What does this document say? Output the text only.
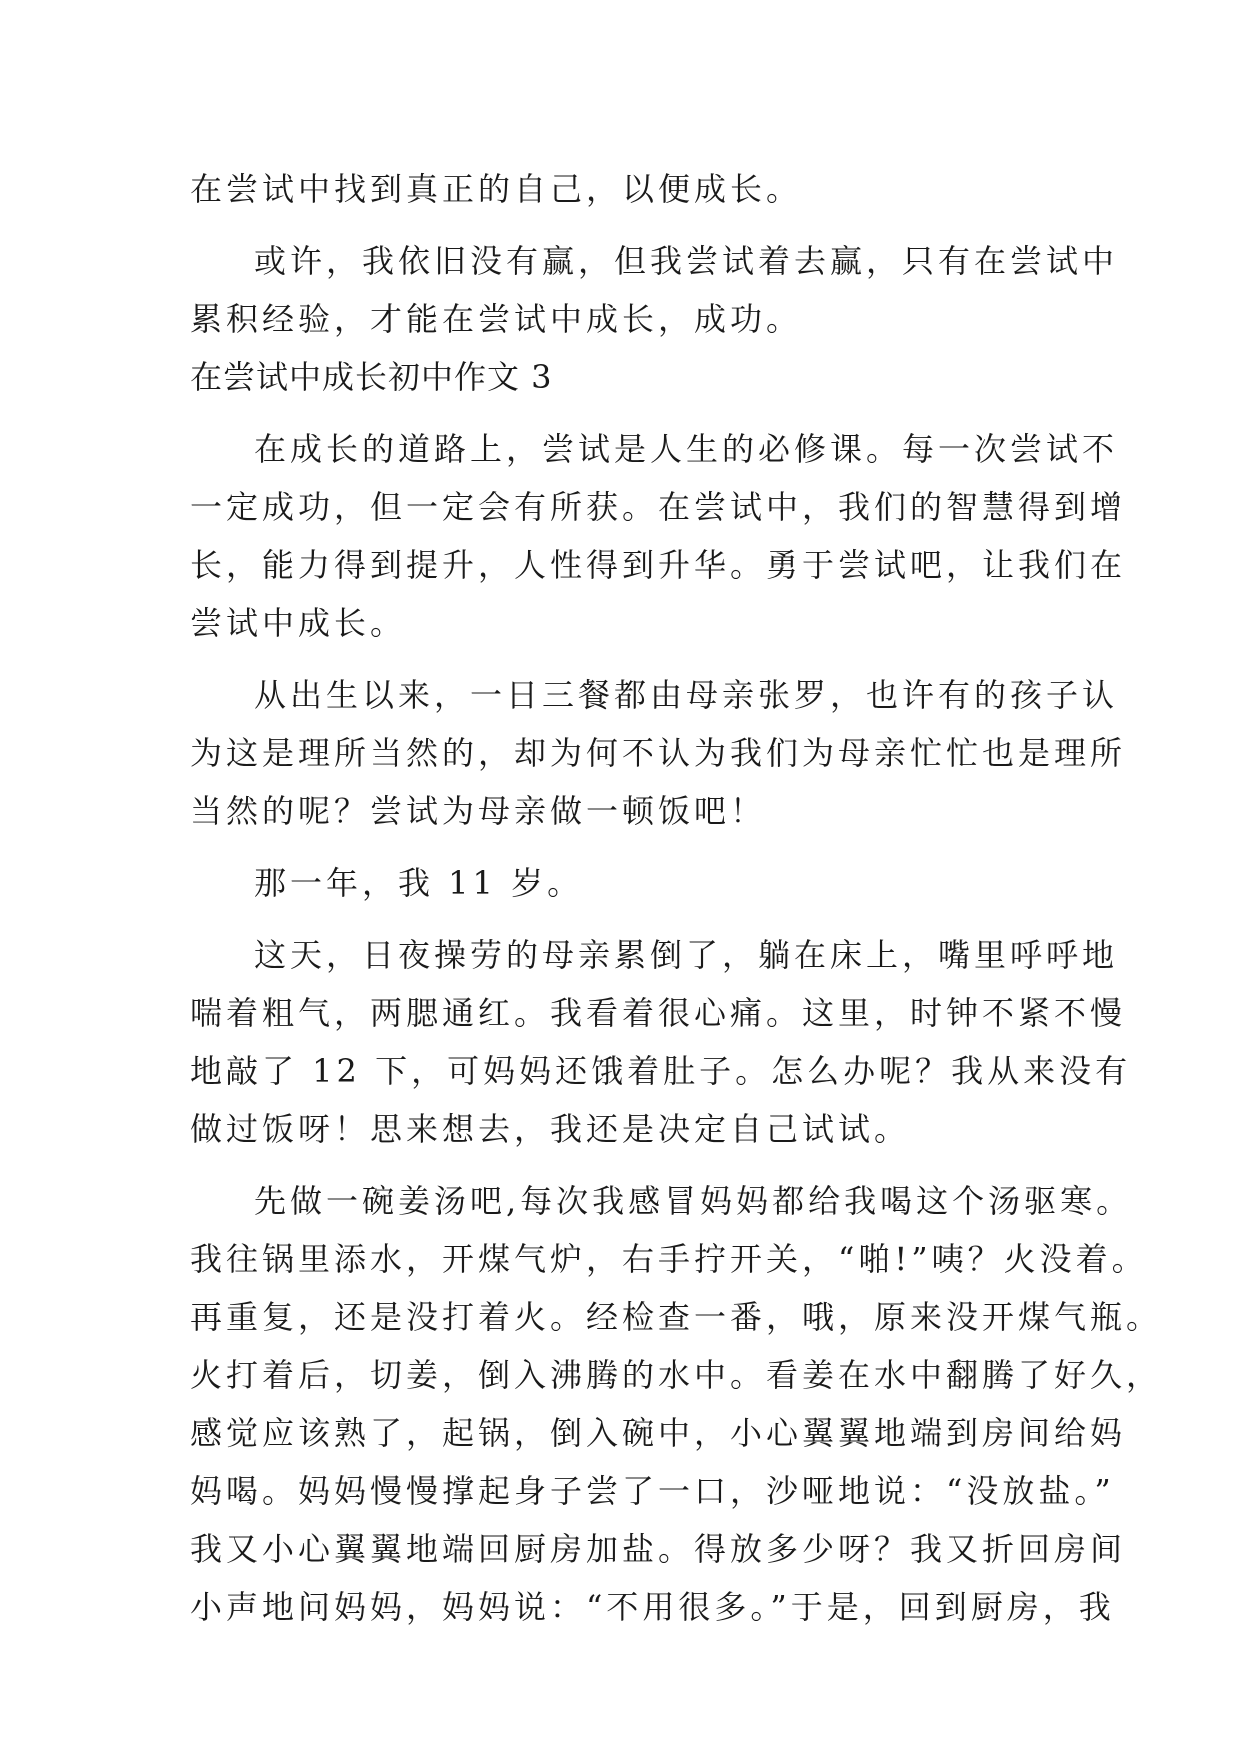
在尝试中找到真正的自己，以便成长。
或许，我依旧没有赢，但我尝试着去赢，只有在尝试中
累积经验，才能在尝试中成长，成功。
在尝试中成长初中作文 3
在成长的道路上，尝试是人生的必修课。每一次尝试不
一定成功，但一定会有所获。在尝试中，我们的智慧得到增
长，能力得到提升，人性得到升华。勇于尝试吧，让我们在
尝试中成长。
从出生以来，一日三餐都由母亲张罗，也许有的孩子认
为这是理所当然的，却为何不认为我们为母亲忙忙也是理所
当然的呢？尝试为母亲做一顿饭吧！
那一年，我 11 岁。
这天，日夜操劳的母亲累倒了，躺在床上，嘴里呼呼地
喘着粗气，两腮通红。我看着很心痛。这里，时钟不紧不慢
地敲了 12 下，可妈妈还饿着肚子。怎么办呢？我从来没有
做过饭呀！思来想去，我还是决定自己试试。
先做一碗姜汤吧,每次我感冒妈妈都给我喝这个汤驱寒。
我往锅里添水，开煤气炉，右手拧开关，“啪!”咦？火没着。
再重复，还是没打着火。经检查一番，哦，原来没开煤气瓶。
火打着后，切姜，倒入沸腾的水中。看姜在水中翻腾了好久，
感觉应该熟了，起锅，倒入碗中，小心翼翼地端到房间给妈
妈喝。妈妈慢慢撑起身子尝了一口，沙哑地说：“没放盐。”
我又小心翼翼地端回厨房加盐。得放多少呀？我又折回房间
小声地问妈妈，妈妈说：“不用很多。”于是，回到厨房，我
